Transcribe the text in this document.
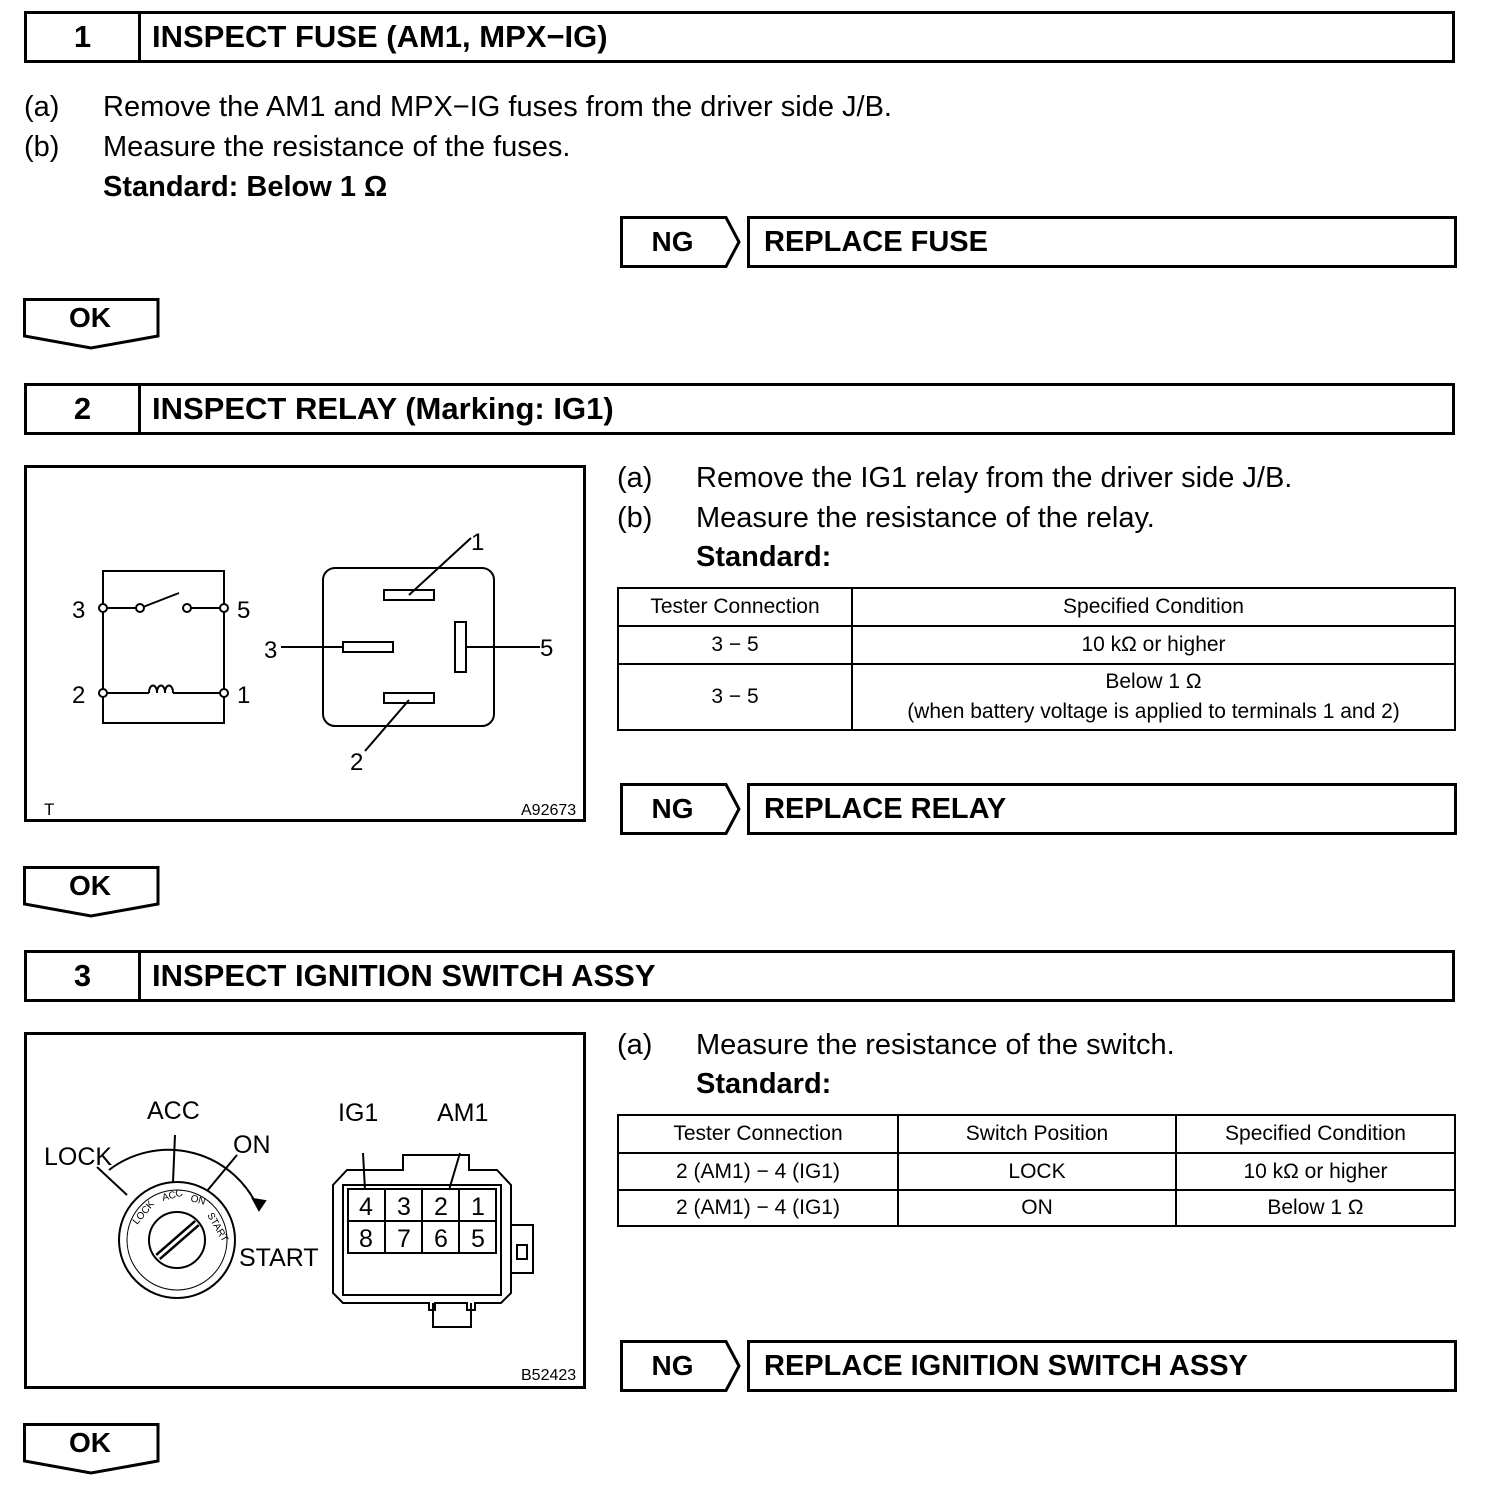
1	INSPECT FUSE (AM1, MPX−IG)
(a) Remove the AM1 and MPX−IG fuses from the driver side J/B.
(b) Measure the resistance of the fuses.
Standard: Below 1 Ω
NG	REPLACE FUSE
OK
2	INSPECT RELAY (Marking: IG1)
3	5
2	1
1
3	5
2
T	A92673
(a) Remove the IG1 relay from the driver side J/B.
(b) Measure the resistance of the relay.
Standard:
Tester Connection	Specified Condition
3 − 5	10 kΩ or higher
3 − 5	Below 1 Ω
(when battery voltage is applied to terminals 1 and 2)
NG	REPLACE RELAY
OK
3	INSPECT IGNITION SWITCH ASSY
LOCK
ACC
ON
START
IG1 AM1
LOCK
ACC ON
START
4 3 2 1
8 7 6 5
B52423
(a) Measure the resistance of the switch.
Standard:
Tester Connection	Switch Position	Specified Condition
2 (AM1) − 4 (IG1)	LOCK	10 kΩ or higher
2 (AM1) − 4 (IG1)	ON	Below 1 Ω
NG	REPLACE IGNITION SWITCH ASSY
OK
